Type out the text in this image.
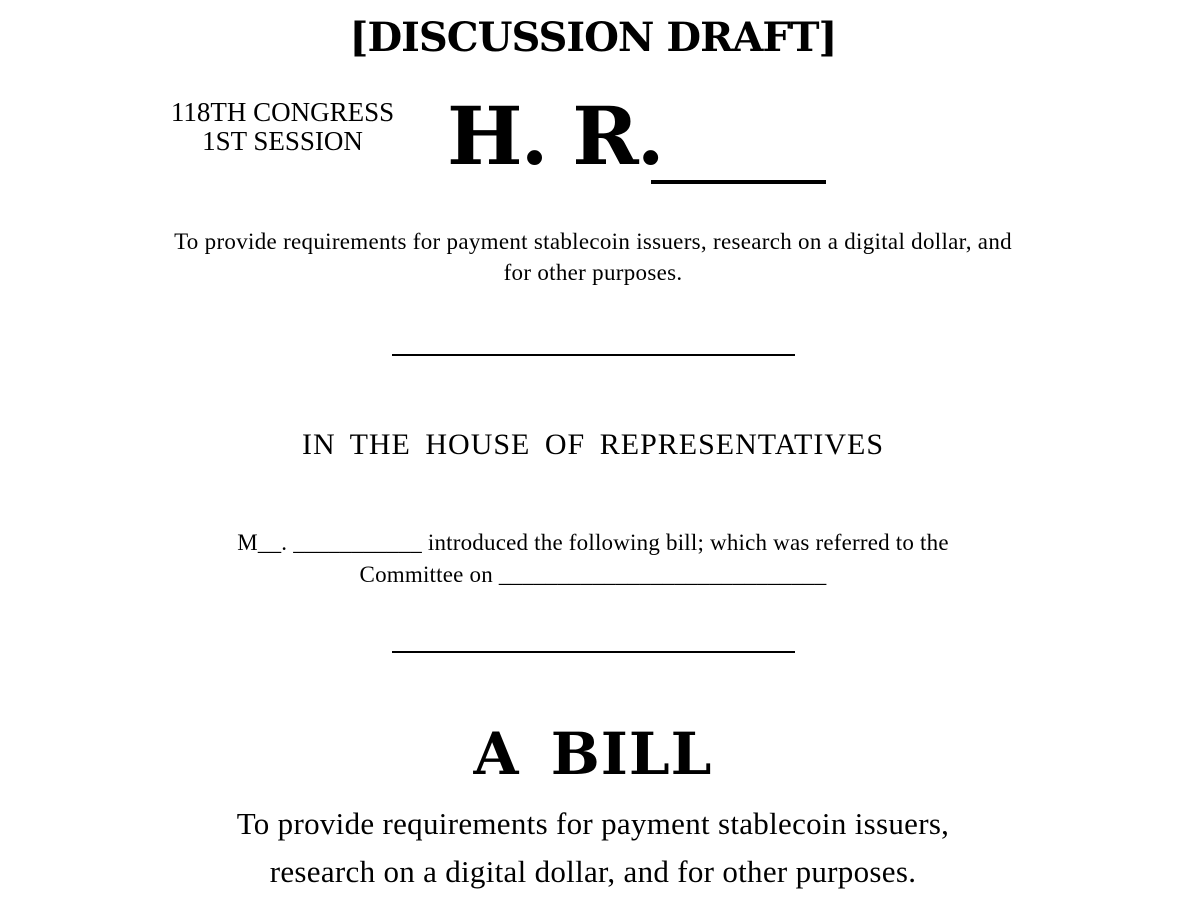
[DISCUSSION DRAFT]
118TH CONGRESS
1ST SESSION	H. R.
To provide requirements for payment stablecoin issuers, research on a digital dollar, and for other purposes.
IN THE HOUSE OF REPRESENTATIVES
M__. ___________ introduced the following bill; which was referred to the
Committee on ____________________________
A BILL
To provide requirements for payment stablecoin issuers,
research on a digital dollar, and for other purposes.
